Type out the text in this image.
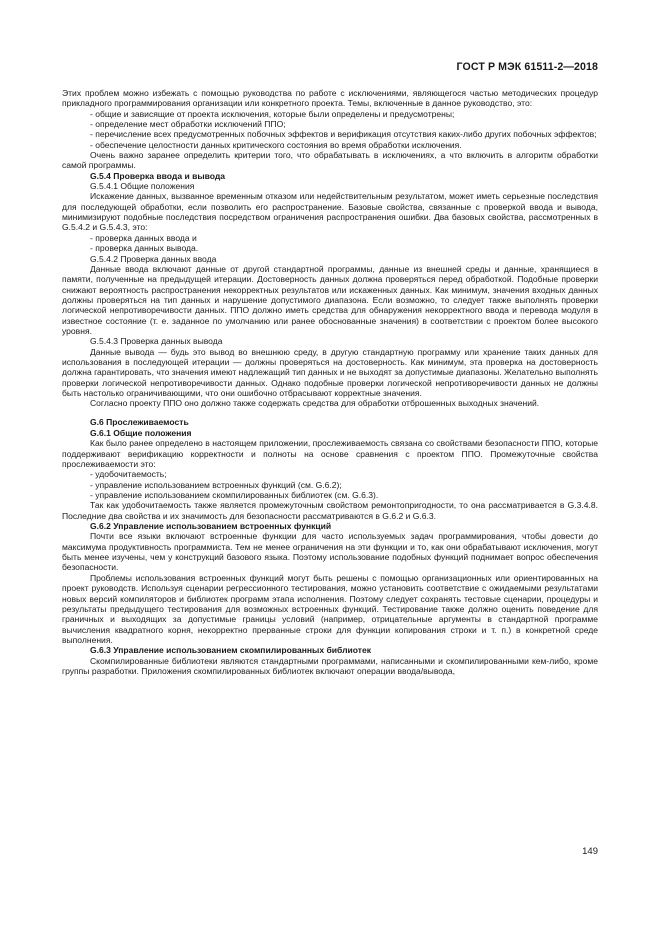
ГОСТ Р МЭК 61511-2—2018

Этих проблем можно избежать с помощью руководства по работе с исключениями, являющегося частью методических процедур прикладного программирования организации или конкретного проекта. Темы, включенные в данное руководство, это:

- общие и зависящие от проекта исключения, которые были определены и предусмотрены;

- определение мест обработки исключений ППО;

- перечисление всех предусмотренных побочных эффектов и верификация отсутствия каких-либо других побочных эффектов;

- обеспечение целостности данных критического состояния во время обработки исключения.

Очень важно заранее определить критерии того, что обрабатывать в исключениях, а что включить в алгоритм обработки самой программы.

G.5.4 Проверка ввода и вывода

G.5.4.1 Общие положения

Искажение данных, вызванное временным отказом или недействительным результатом, может иметь серьезные последствия для последующей обработки, если позволить его распространение. Базовые свойства, связанные с проверкой ввода и вывода, минимизируют подобные последствия посредством ограничения распространения ошибки. Два базовых свойства, рассмотренных в G.5.4.2 и G.5.4.3, это:

- проверка данных ввода и

- проверка данных вывода.

G.5.4.2 Проверка данных ввода

Данные ввода включают данные от другой стандартной программы, данные из внешней среды и данные, хранящиеся в памяти, полученные на предыдущей итерации. Достоверность данных должна проверяться перед обработкой. Подобные проверки снижают вероятность распространения некорректных результатов или искаженных данных. Как минимум, значения входных данных должны проверяться на тип данных и нарушение допустимого диапазона. Если возможно, то следует также выполнять проверки логической непротиворечивости данных. ППО должно иметь средства для обнаружения некорректного ввода и перевода модуля в известное состояние (т. е. заданное по умолчанию или ранее обоснованные значения) в соответствии с проектом более высокого уровня.

G.5.4.3 Проверка данных вывода

Данные вывода — будь это вывод во внешнюю среду, в другую стандартную программу или хранение таких данных для использования в последующей итерации — должны проверяться на достоверность. Как минимум, эта проверка на достоверность должна гарантировать, что значения имеют надлежащий тип данных и не выходят за допустимые диапазоны. Желательно выполнять проверки логической непротиворечивости данных. Однако подобные проверки логической непротиворечивости данных не должны быть настолько ограничивающими, что они ошибочно отбрасывают корректные значения.

Согласно проекту ППО оно должно также содержать средства для обработки отброшенных выходных значений.

G.6 Прослеживаемость

G.6.1 Общие положения

Как было ранее определено в настоящем приложении, прослеживаемость связана со свойствами безопасности ППО, которые поддерживают верификацию корректности и полноты на основе сравнения с проектом ППО. Промежуточные свойства прослеживаемости это:

- удобочитаемость;

- управление использованием встроенных функций (см. G.6.2);

- управление использованием скомпилированных библиотек (см. G.6.3).

Так как удобочитаемость также является промежуточным свойством ремонтопригодности, то она рассматривается в G.3.4.8. Последние два свойства и их значимость для безопасности рассматриваются в G.6.2 и G.6.3.

G.6.2 Управление использованием встроенных функций

Почти все языки включают встроенные функции для часто используемых задач программирования, чтобы довести до максимума продуктивность программиста. Тем не менее ограничения на эти функции и то, как они обрабатывают исключения, могут быть менее изучены, чем у конструкций базового языка. Поэтому использование подобных функций поднимает вопрос обеспечения безопасности.

Проблемы использования встроенных функций могут быть решены с помощью организационных или ориентированных на проект руководств. Используя сценарии регрессионного тестирования, можно установить соответствие с ожидаемыми результатами новых версий компиляторов и библиотек программ этапа исполнения. Поэтому следует сохранять тестовые сценарии, процедуры и результаты предыдущего тестирования для возможных встроенных функций. Тестирование также должно оценить поведение для граничных и выходящих за допустимые границы условий (например, отрицательные аргументы в стандартной программе вычисления квадратного корня, некорректно прерванные строки для функции копирования строки и т. п.) в конкретной среде выполнения.

G.6.3 Управление использованием скомпилированных библиотек

Скомпилированные библиотеки являются стандартными программами, написанными и скомпилированными кем-либо, кроме группы разработки. Приложения скомпилированных библиотек включают операции ввода/вывода,

149
